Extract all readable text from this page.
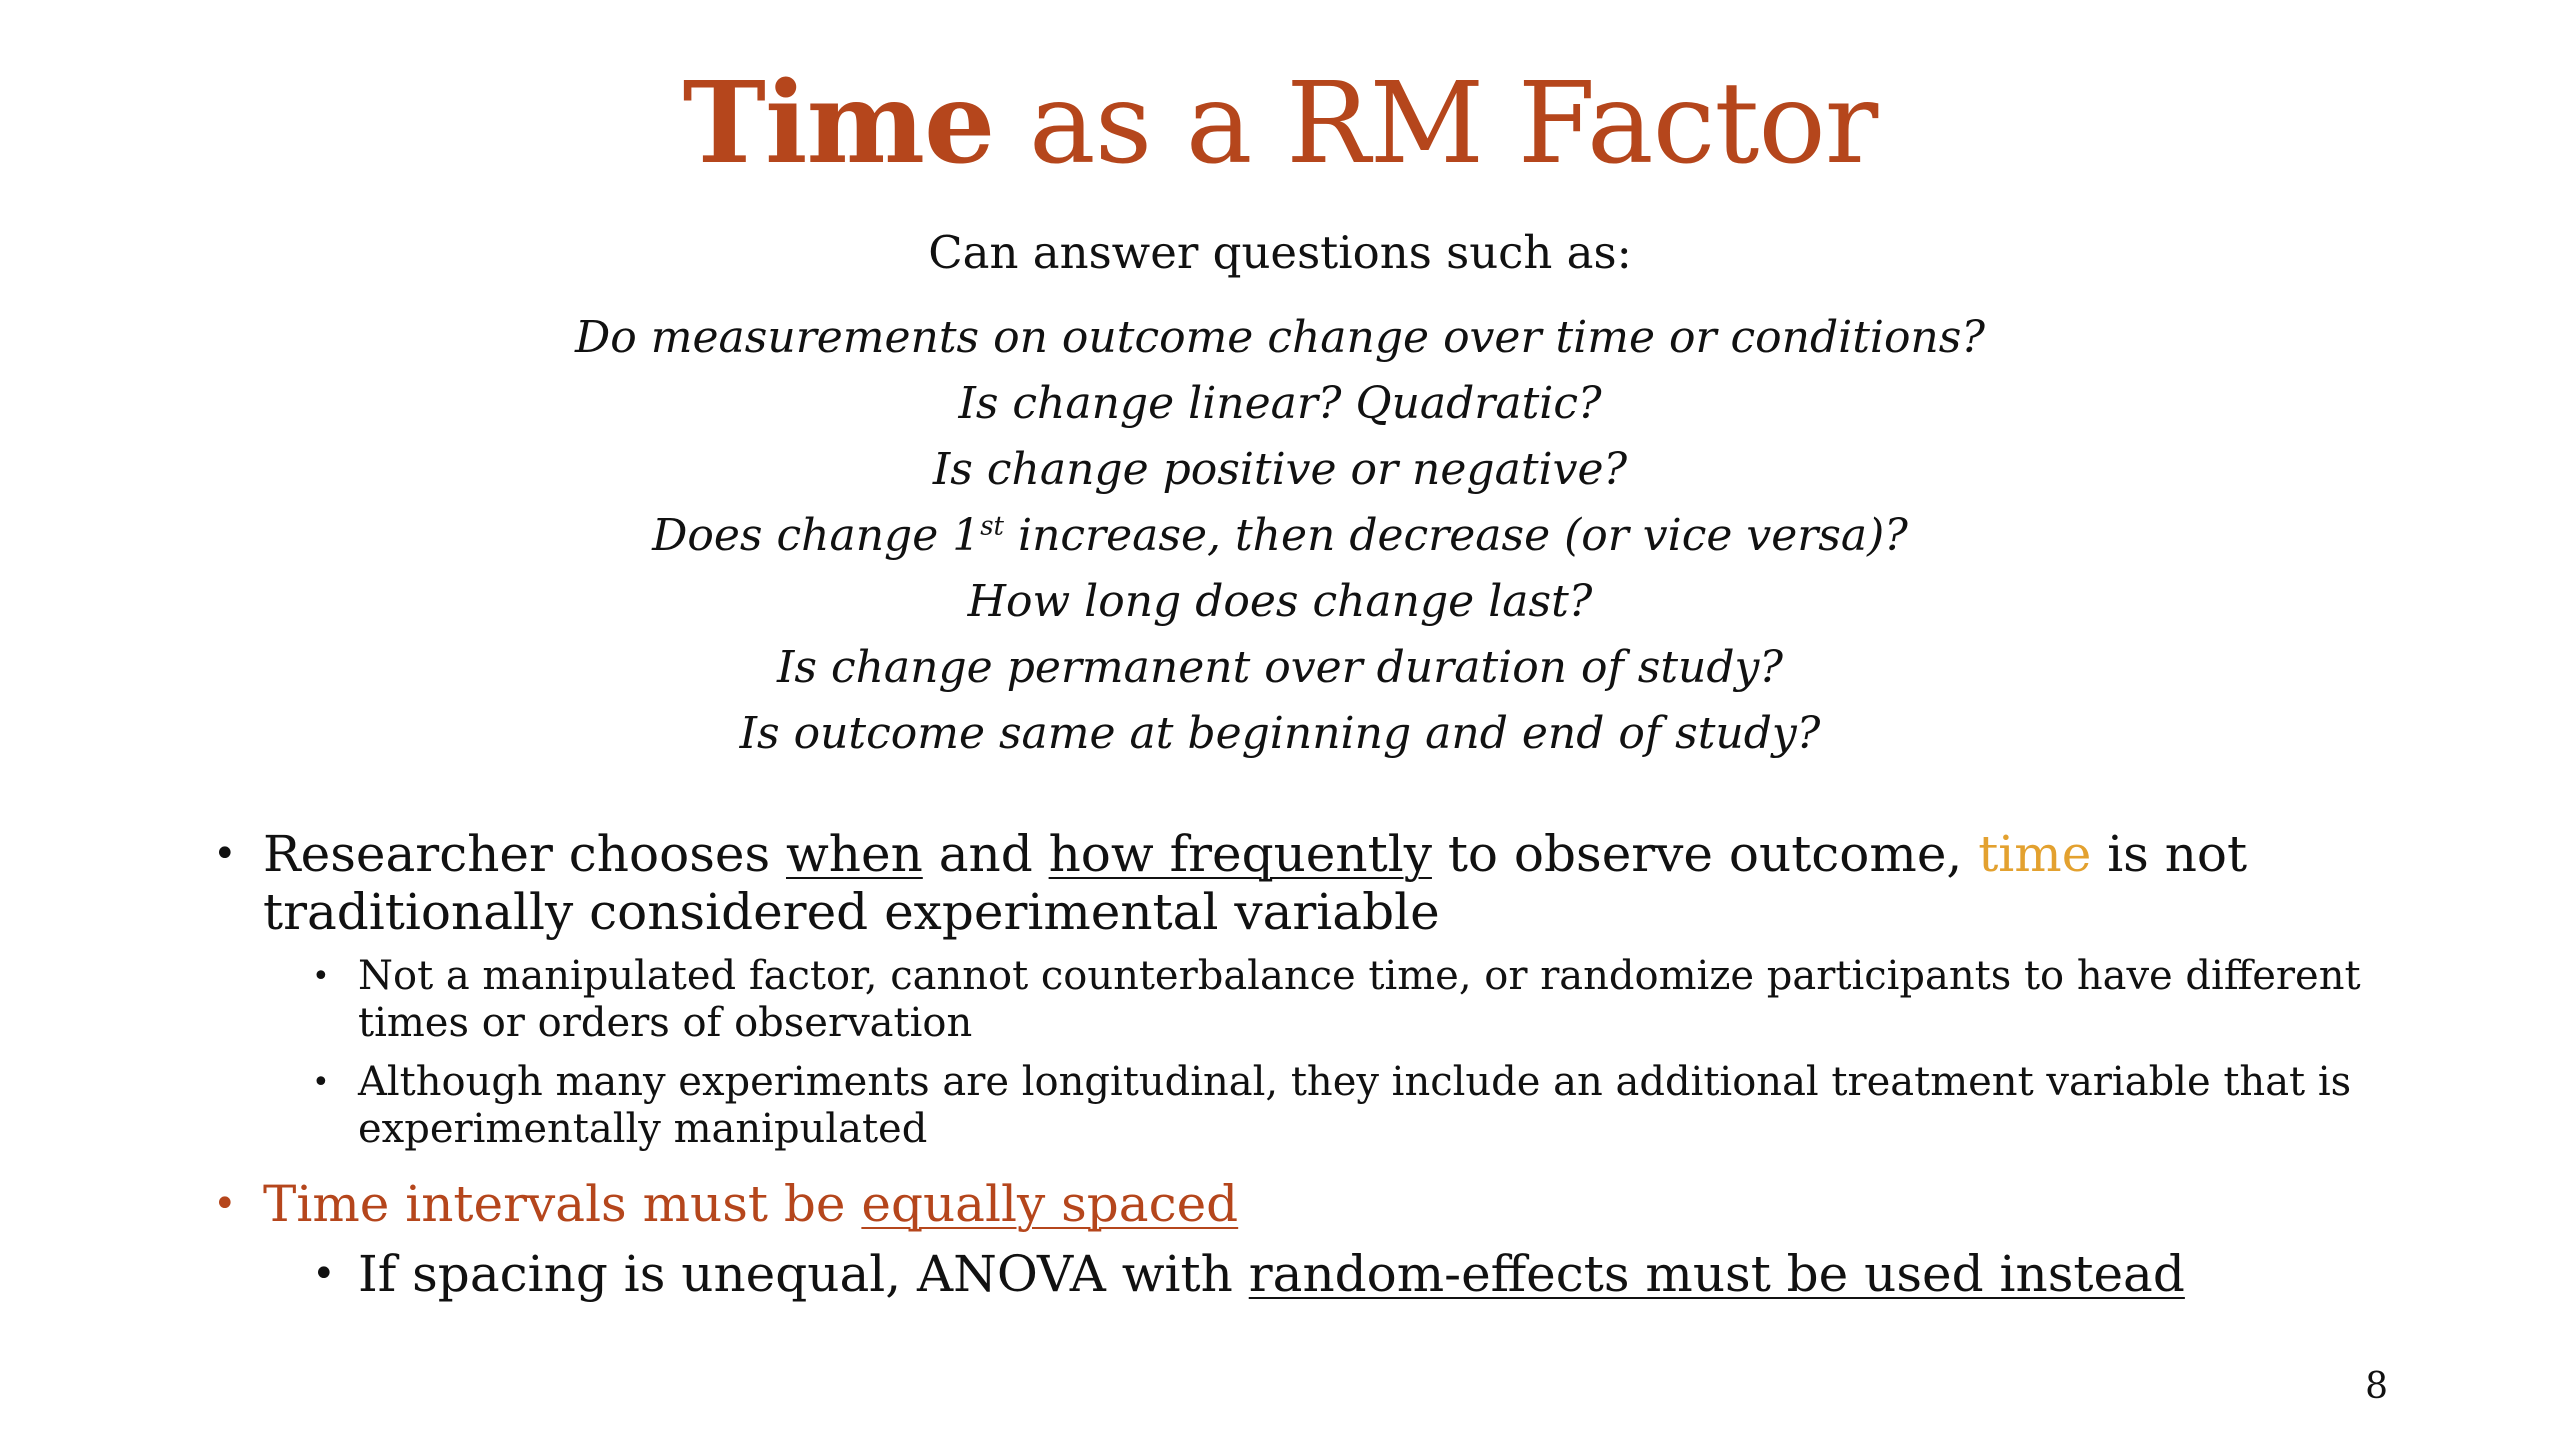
Time as a RM Factor
Can answer questions such as:
Do measurements on outcome change over time or conditions?
Is change linear? Quadratic?
Is change positive or negative?
Does change 1st increase, then decrease (or vice versa)?
How long does change last?
Is change permanent over duration of study?
Is outcome same at beginning and end of study?
• Researcher chooses when and how frequently to observe outcome, time is not traditionally considered experimental variable
• Not a manipulated factor, cannot counterbalance time, or randomize participants to have different times or orders of observation
• Although many experiments are longitudinal, they include an additional treatment variable that is experimentally manipulated
• Time intervals must be equally spaced
• If spacing is unequal, ANOVA with random-effects must be used instead
8
